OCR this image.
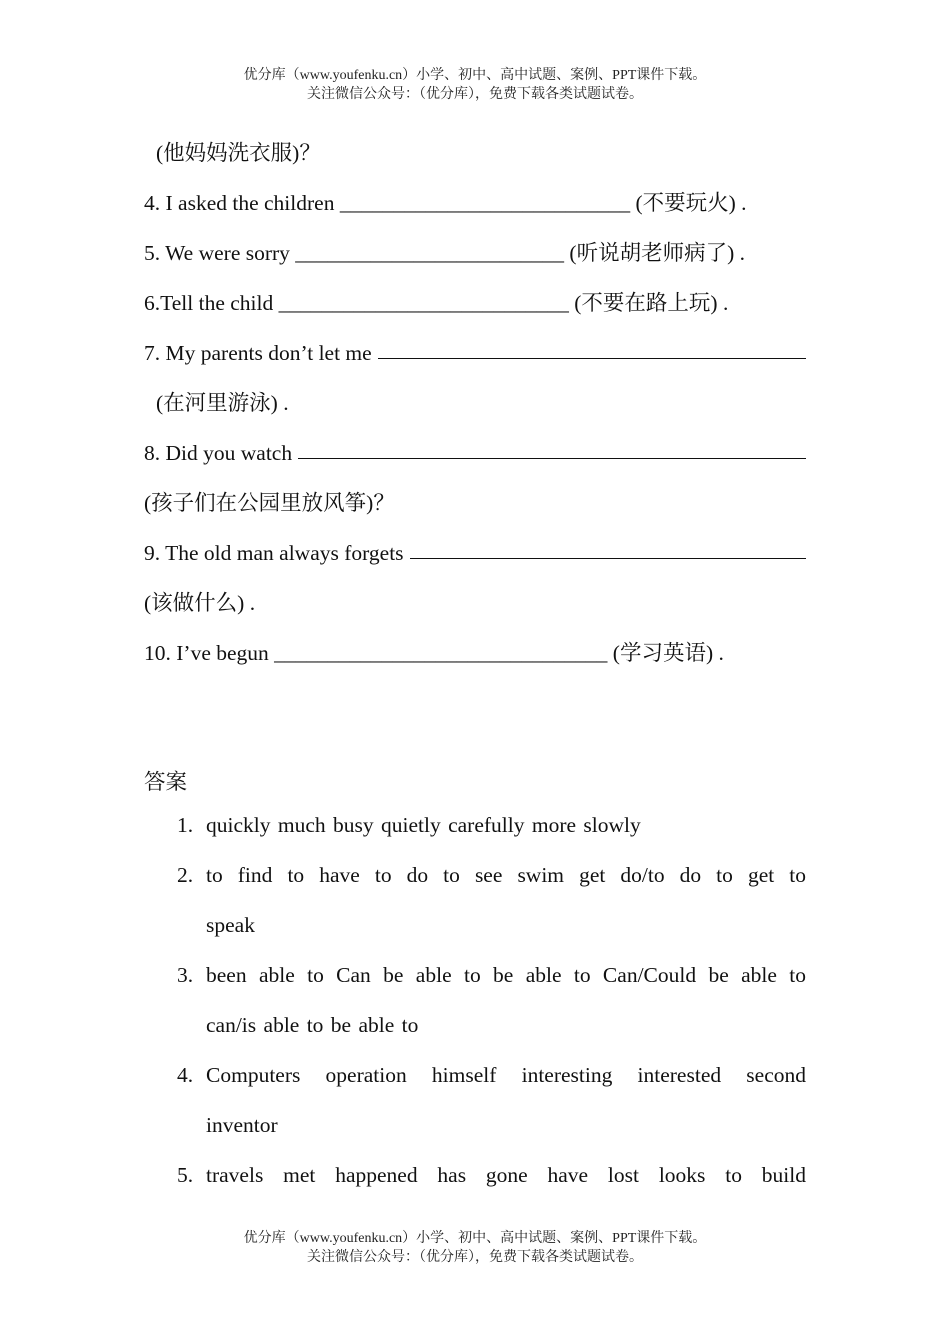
优分库（www.youfenku.cn）小学、初中、高中试题、案例、PPT课件下载。
关注微信公众号：（优分库），免费下载各类试题试卷。
(他妈妈洗衣服)？
4. I asked the children ___________________________ (不要玩火) .
5. We were sorry _________________________ (听说胡老师病了) .
6.Tell the child ___________________________ (不要在路上玩) .
7. My parents don’t let me
(在河里游泳) .
8. Did you watch
(孩子们在公园里放风筝)？
9. The old man always forgets
(该做什么) .
10. I’ve begun _______________________________ (学习英语) .
答案
1. quickly much busy quietly carefully more slowly
2. to find to have to do to see swim get do/to do to get to
speak
3. been able to Can be able to be able to Can/Could be able to
can/is able to be able to
4. Computers operation himself interesting interested second
inventor
5. travels met happened has gone have lost looks to build
优分库（www.youfenku.cn）小学、初中、高中试题、案例、PPT课件下载。
关注微信公众号：（优分库），免费下载各类试题试卷。
